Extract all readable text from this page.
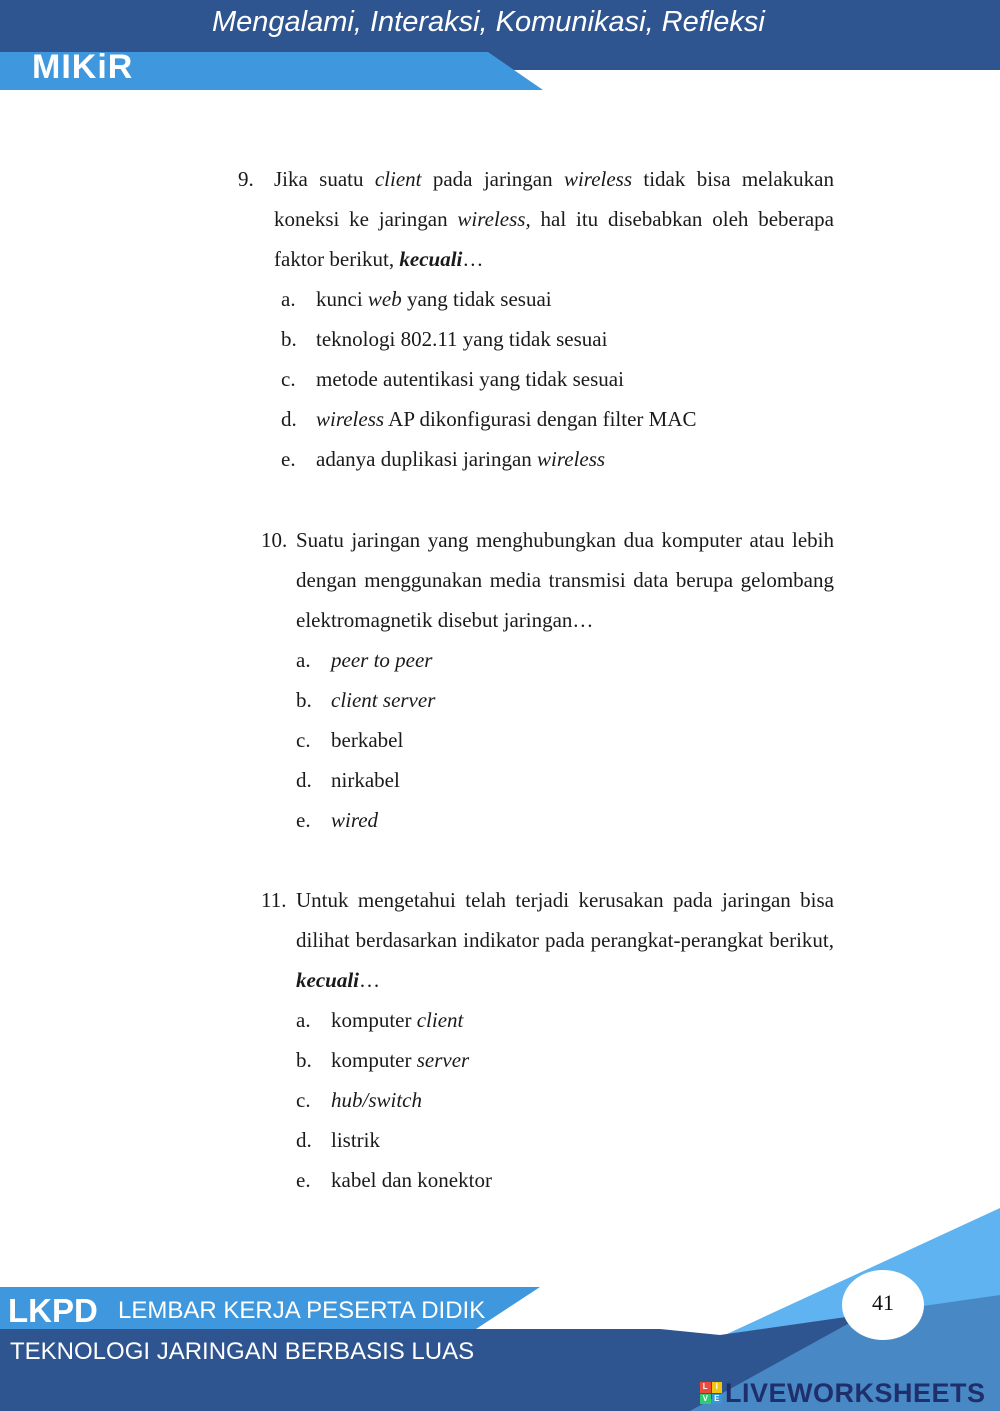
Mengalami, Interaksi, Komunikasi, Refleksi
MIKiR
9. Jika suatu client pada jaringan wireless tidak bisa melakukan koneksi ke jaringan wireless, hal itu disebabkan oleh beberapa faktor berikut, kecuali…
a. kunci web yang tidak sesuai
b. teknologi 802.11 yang tidak sesuai
c. metode autentikasi yang tidak sesuai
d. wireless AP dikonfigurasi dengan filter MAC
e. adanya duplikasi jaringan wireless
10. Suatu jaringan yang menghubungkan dua komputer atau lebih dengan menggunakan media transmisi data berupa gelombang elektromagnetik disebut jaringan…
a. peer to peer
b. client server
c. berkabel
d. nirkabel
e. wired
11. Untuk mengetahui telah terjadi kerusakan pada jaringan bisa dilihat berdasarkan indikator pada perangkat-perangkat berikut, kecuali…
a. komputer client
b. komputer server
c. hub/switch
d. listrik
e. kabel dan konektor
LKPD LEMBAR KERJA PESERTA DIDIK
TEKNOLOGI JARINGAN BERBASIS LUAS
41
L I
V E LIVEWORKSHEETS
